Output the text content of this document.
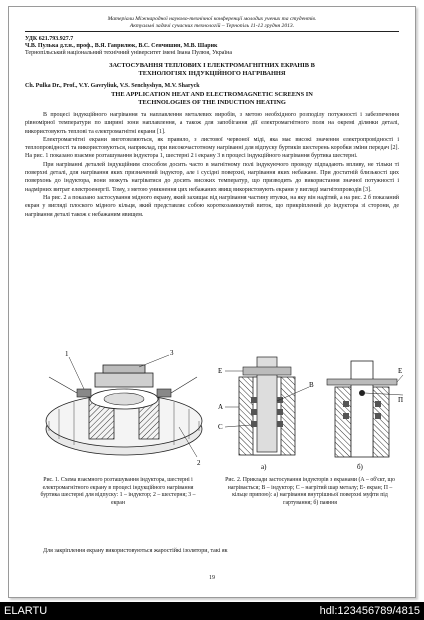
Матеріали Міжнародної науково-технічної конференції молодих учених та студентів.
Актуальні задачі сучасних технологій – Тернопіль 11-12 грудня 2013.
УДК 621.793.927.7
Ч.В. Пулька д.т.н., проф., В.Я. Гаврилюк, В.С. Сенчишин, М.В. Шарик
Тернопільський національний технічний університет імені Івана Пулюя, Україна
ЗАСТОСУВАННЯ ТЕПЛОВИХ І ЕЛЕКТРОМАГНІТНИХ ЕКРАНІВ В
ТЕХНОЛОГІЯХ ІНДУКЦІЙНОГО НАГРІВАННЯ
Ch. Pulka Dr., Prof., V.Y. Gavryliuk, V.S. Senchyshyn, M.V. Sharyck
THE APPLICATION HEAT AND ELECTROMAGNETIC SCREENS IN
TECHNOLOGIES OF THE INDUCTION HEATING

В процесі індукційного нагрівання та наплавлення металевих виробів, з метою необхідного розподілу потужності і забезпечення рівномірної температури по ширині зони наплавлення, а також для запобігання дії електромагнітного поля на окремі ділянки деталі, використовують теплові та електромагнітні екрани [1].

Електромагнітні екрани виготовляються, як правило, з листової червоної міді, яка має високі значення електропровідності і теплопровідності та використовуються, наприклад, при високочастотному нагріванні для відпуску буртиків шестерень коробки зміни передач [2]. На рис. 1 показано взаємне розташування індуктора 1, шестерні 2 і екрану 3 в процесі індукційного нагрівання буртика шестерні.

При нагріванні деталей індукційним способом досить часто в магнітному полі індукуючого проводу підпадають впливу, не тільки ті поверхні деталі, для нагрівання яких призначений індуктор, але і сусідні поверхні, нагрівання яких небажане. При достатній близькості цих поверхонь до індуктора, вони можуть нагріватися до досить високих температур, що призводить до використання значної потужності і надмірних витрат електроенергії. Тому, з метою уникнення цих небажаних явищ використовують екрани у вигляді магнітопроводів [3].

На рис. 2 а показано застосування мідного екрану, який захищає від нагрівання частину втулки, на яку він надітий, а на рис. 2 б показаний екран у вигляді плоского мідного кільця, який представляє собою короткозамкнутий виток, що прикріплений до індуктора зі сторони, де нагрівання деталі також є небажаним явищем.

1
2
3
Е
А
С
В
а)
Е
П
б)
Рис. 1. Схема взаємного розташування індуктора, шестерні і електромагнітного екрану в процесі індукційного нагрівання буртика шестерні для відпуску: 1 – індуктор; 2 – шестерня; 3 – екран
Рис. 2. Приклади застосування індукторів з екранами (А – об'єкт, що нагрівається; В – індуктор; С – нагрітий шар металу; Е- екран; П – кільце припою): а) нагрівання внутрішньої поверхні муфти під гартування; б) паяння
Для закріплення екрану використовуються жаростійкі ізолятори, такі як
19
ELARTU	hdl:123456789/4815
